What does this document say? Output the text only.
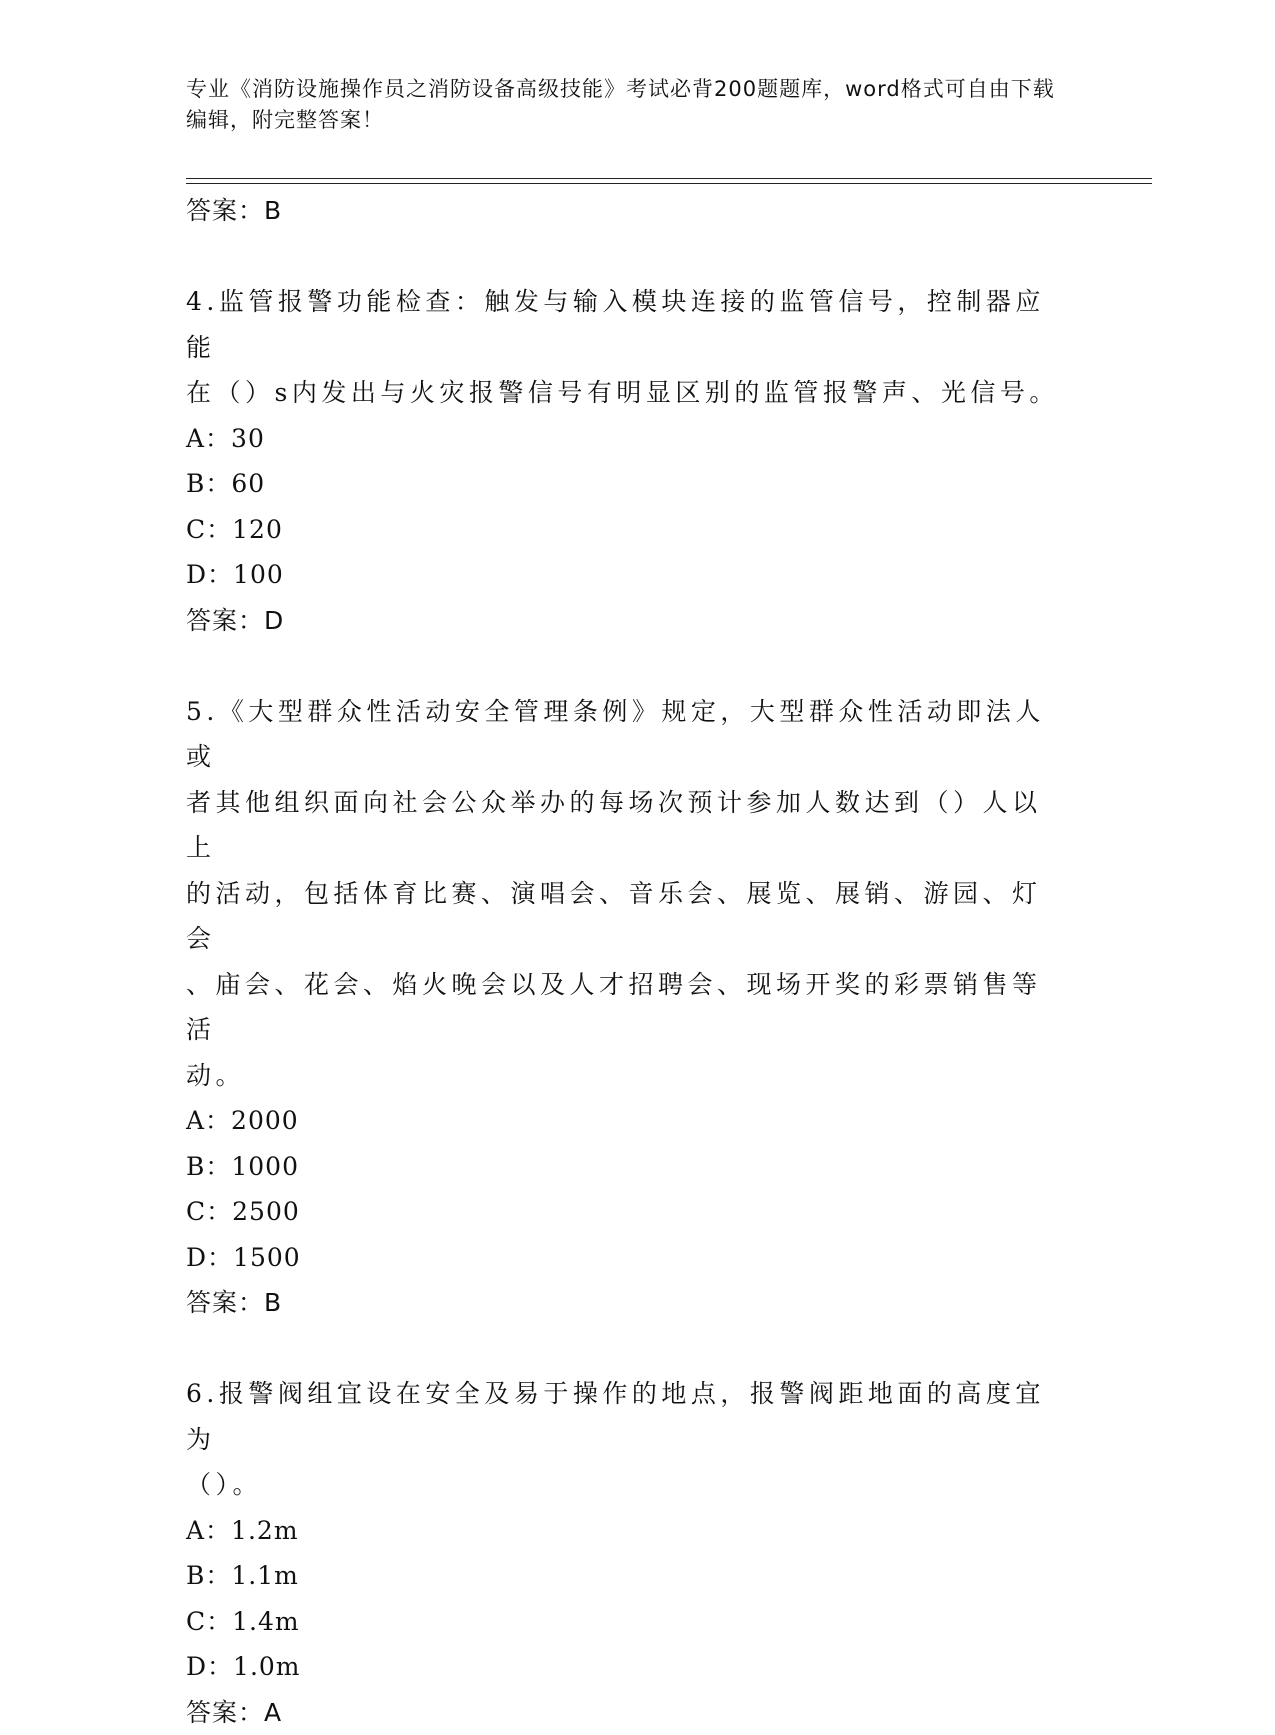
专业《消防设施操作员之消防设备高级技能》考试必背200题题库，word格式可自由下载编辑，附完整答案！

答案：B

4.监管报警功能检查：触发与输入模块连接的监管信号，控制器应能

在（）s内发出与火灾报警信号有明显区别的监管报警声、光信号。

A：30

B：60

C：120

D：100

答案：D

5.《大型群众性活动安全管理条例》规定，大型群众性活动即法人或

者其他组织面向社会公众举办的每场次预计参加人数达到（）人以上

的活动，包括体育比赛、演唱会、音乐会、展览、展销、游园、灯会

、庙会、花会、焰火晚会以及人才招聘会、现场开奖的彩票销售等活

动。

A：2000

B：1000

C：2500

D：1500

答案：B

6.报警阀组宜设在安全及易于操作的地点，报警阀距地面的高度宜为

（）。

A：1.2m

B：1.1m

C：1.4m

D：1.0m

答案：A
